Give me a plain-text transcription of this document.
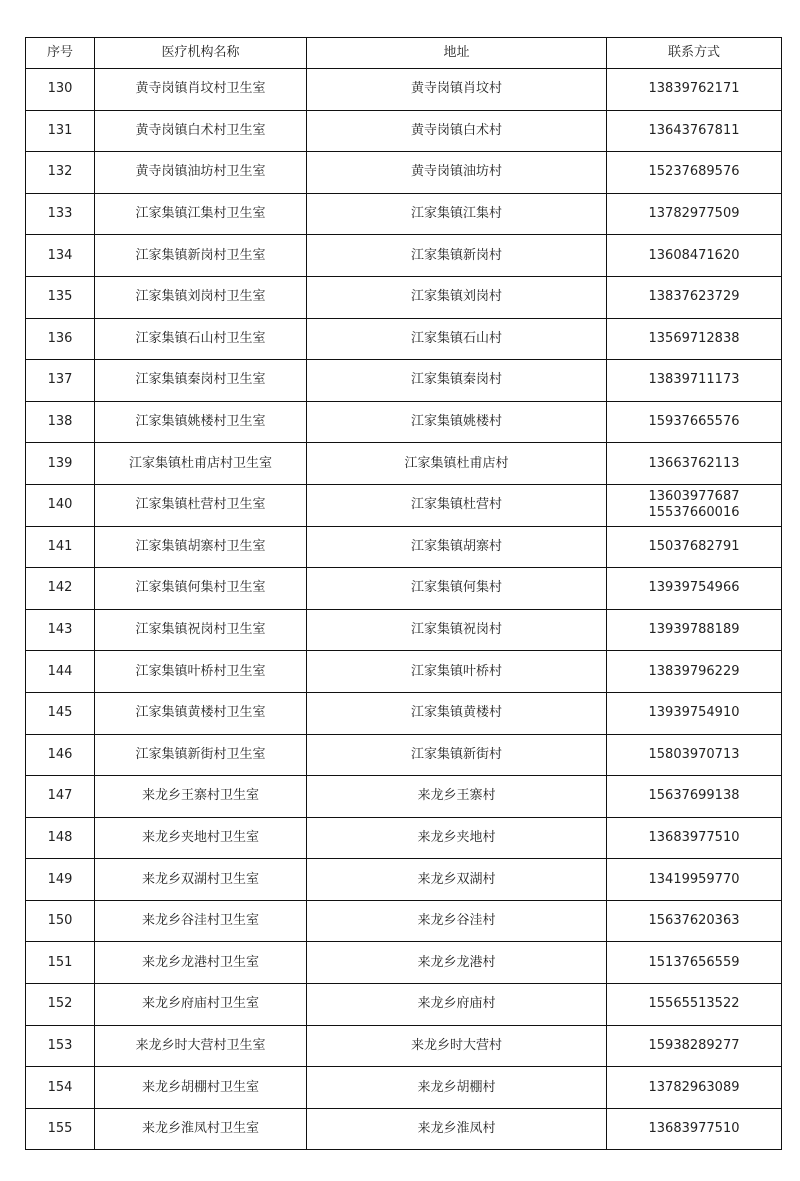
序号	医疗机构名称	地址	联系方式
130	黄寺岗镇肖坟村卫生室	黄寺岗镇肖坟村	13839762171

131	黄寺岗镇白术村卫生室	黄寺岗镇白术村	13643767811

132	黄寺岗镇油坊村卫生室	黄寺岗镇油坊村	15237689576

133	江家集镇江集村卫生室	江家集镇江集村	13782977509

134	江家集镇新岗村卫生室	江家集镇新岗村	13608471620

135	江家集镇刘岗村卫生室	江家集镇刘岗村	13837623729

136	江家集镇石山村卫生室	江家集镇石山村	13569712838

137	江家集镇秦岗村卫生室	江家集镇秦岗村	13839711173

138	江家集镇姚楼村卫生室	江家集镇姚楼村	15937665576

139	江家集镇杜甫店村卫生室	江家集镇杜甫店村	13663762113

140	江家集镇杜营村卫生室	江家集镇杜营村	13603977687
15537660016

141	江家集镇胡寨村卫生室	江家集镇胡寨村	15037682791

142	江家集镇何集村卫生室	江家集镇何集村	13939754966

143	江家集镇祝岗村卫生室	江家集镇祝岗村	13939788189

144	江家集镇叶桥村卫生室	江家集镇叶桥村	13839796229

145	江家集镇黄楼村卫生室	江家集镇黄楼村	13939754910

146	江家集镇新街村卫生室	江家集镇新街村	15803970713

147	来龙乡王寨村卫生室	来龙乡王寨村	15637699138

148	来龙乡夹地村卫生室	来龙乡夹地村	13683977510

149	来龙乡双湖村卫生室	来龙乡双湖村	13419959770

150	来龙乡谷洼村卫生室	来龙乡谷洼村	15637620363

151	来龙乡龙港村卫生室	来龙乡龙港村	15137656559

152	来龙乡府庙村卫生室	来龙乡府庙村	15565513522

153	来龙乡时大营村卫生室	来龙乡时大营村	15938289277

154	来龙乡胡棚村卫生室	来龙乡胡棚村	13782963089

155	来龙乡淮凤村卫生室	来龙乡淮凤村	13683977510
